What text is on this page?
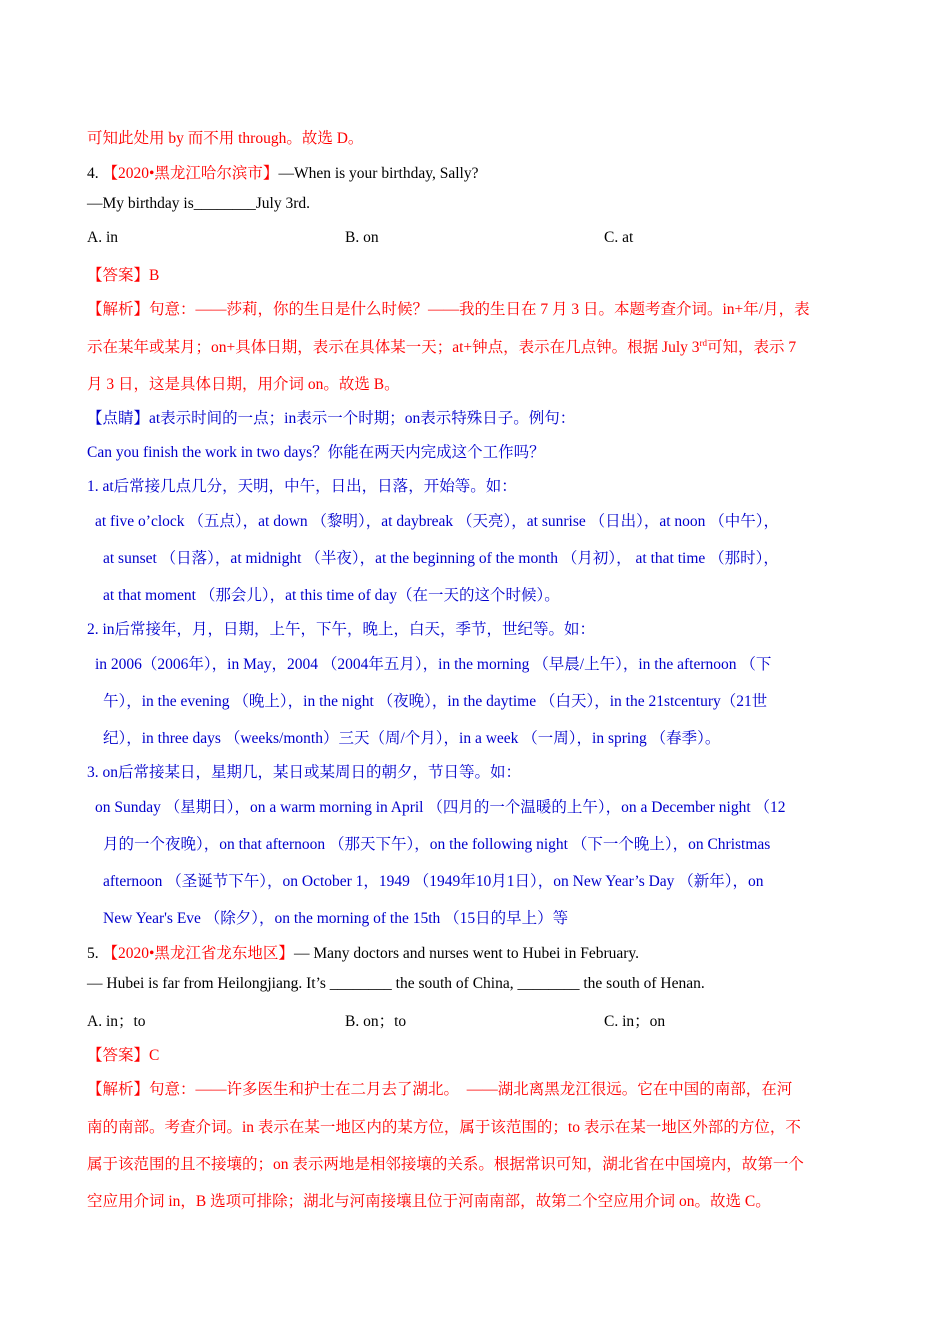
可知此处用 by 而不用 through。故选 D。
4. 【2020•黑龙江哈尔滨市】—When is your birthday, Sally?
—My birthday is________July 3rd.
A. in	B. on	C. at
【答案】B
【解析】句意：——莎莉，你的生日是什么时候？——我的生日在 7 月 3 日。本题考查介词。in+年/月，表
示在某年或某月；on+具体日期，表示在具体某一天；at+钟点，表示在几点钟。根据 July 3rd可知，表示 7
月 3 日，这是具体日期，用介词 on。故选 B。
【点睛】at表示时间的一点；in表示一个时期；on表示特殊日子。例句：
Can you finish the work in two days？你能在两天内完成这个工作吗？
1. at后常接几点几分，天明，中午，日出，日落，开始等。如：
at five o’clock （五点），at down （黎明），at daybreak （天亮），at sunrise （日出），at noon （中午），
at sunset （日落），at midnight （半夜），at the beginning of the month （月初）， at that time （那时），
at that moment （那会儿），at this time of day（在一天的这个时候）。
2. in后常接年，月，日期，上午，下午，晚上，白天，季节，世纪等。如：
in 2006（2006年），in May，2004 （2004年五月），in the morning （早晨/上午），in the afternoon （下
午），in the evening （晚上），in the night （夜晚），in the daytime （白天），in the 21stcentury（21世
纪），in three days （weeks/month）三天（周/个月），in a week （一周），in spring （春季）。
3. on后常接某日，星期几，某日或某周日的朝夕，节日等。如：
on Sunday （星期日），on a warm morning in April （四月的一个温暖的上午），on a December night （12
月的一个夜晚），on that afternoon （那天下午），on the following night （下一个晚上），on Christmas
afternoon （圣诞节下午），on October 1，1949 （1949年10月1日），on New Year’s Day （新年），on
New Year's Eve （除夕），on the morning of the 15th （15日的早上）等
5. 【2020•黑龙江省龙东地区】— Many doctors and nurses went to Hubei in February.
— Hubei is far from Heilongjiang. It’s ________ the south of China, ________ the south of Henan.
A. in；to	B. on；to	C. in；on
【答案】C
【解析】句意：——许多医生和护士在二月去了湖北。　——湖北离黑龙江很远。它在中国的南部，在河
南的南部。考查介词。in 表示在某一地区内的某方位，属于该范围的；to 表示在某一地区外部的方位，不
属于该范围的且不接壤的；on 表示两地是相邻接壤的关系。根据常识可知，湖北省在中国境内，故第一个
空应用介词 in，B 选项可排除；湖北与河南接壤且位于河南南部，故第二个空应用介词 on。故选 C。
